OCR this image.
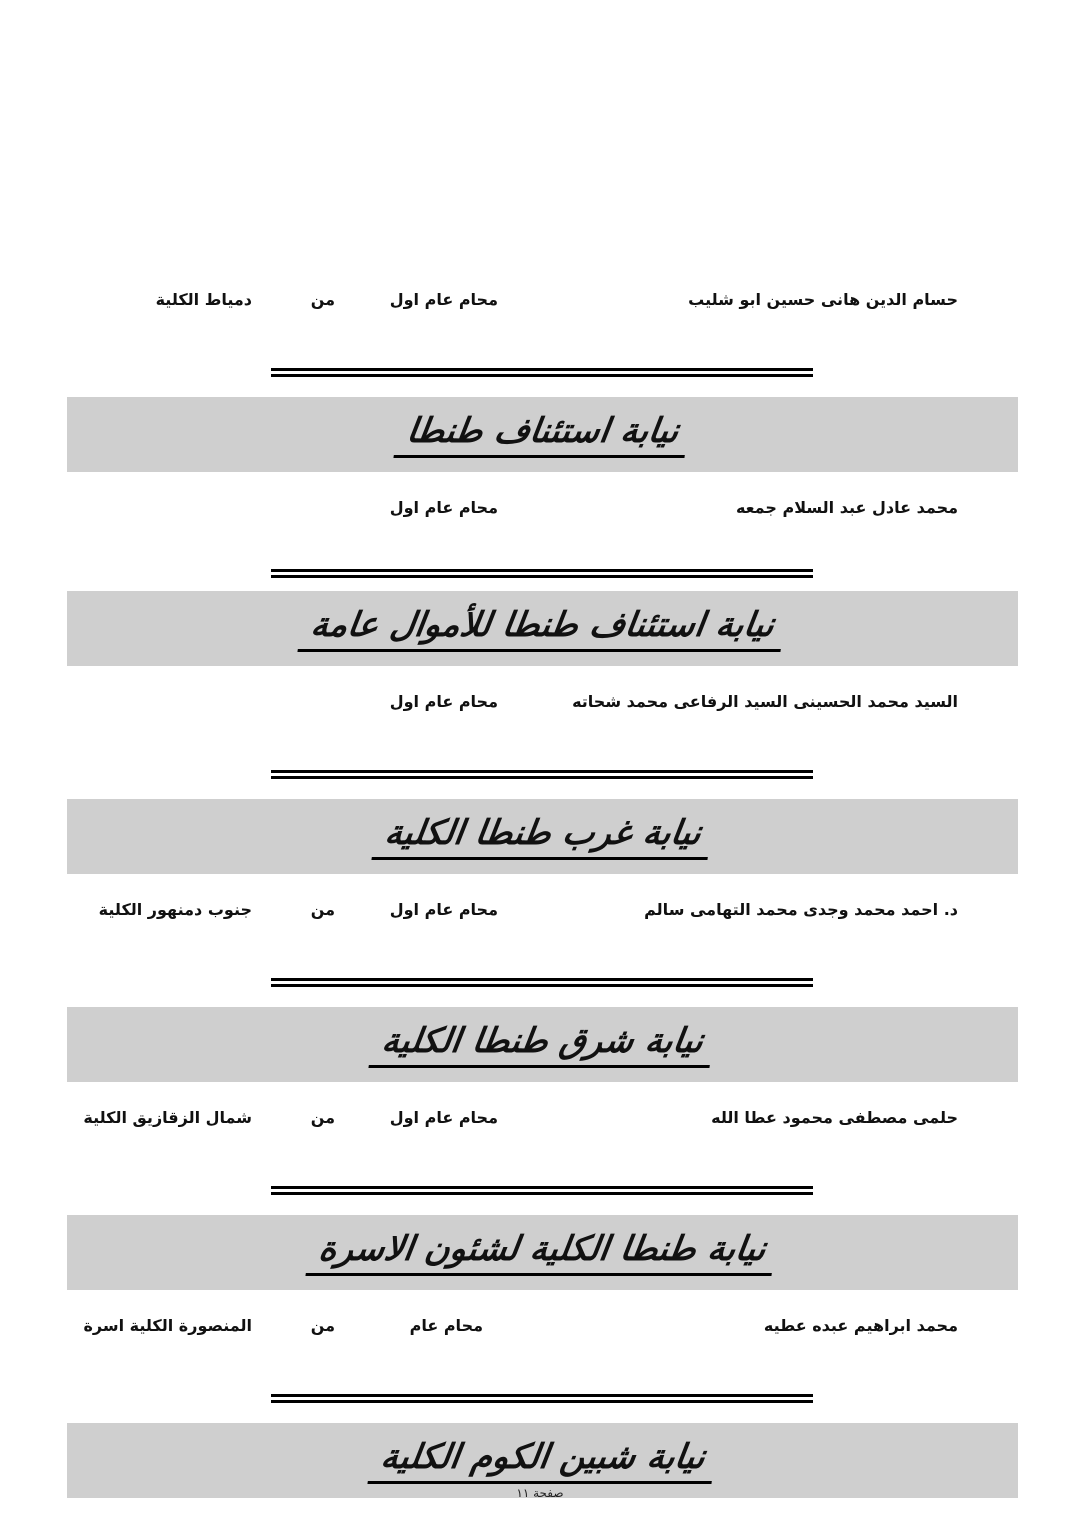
حسام الدين هانى حسين ابو شليب
محام عام اول
من
دمياط الكلية
نيابة استئناف طنطا
محمد عادل عبد السلام جمعه
محام عام اول
نيابة استئناف طنطا للأموال عامة
السيد محمد الحسينى السيد الرفاعى محمد شحاته
محام عام اول
نيابة غرب طنطا الكلية
د. احمد محمد وجدى محمد التهامى سالم
محام عام اول
من
جنوب دمنهور الكلية
نيابة شرق طنطا الكلية
حلمى مصطفى محمود عطا الله
محام عام اول
من
شمال الزقازيق الكلية
نيابة طنطا الكلية لشئون الاسرة
محمد ابراهيم عبده عطيه
محام عام
من
المنصورة الكلية اسرة
نيابة شبين الكوم الكلية
صفحة ١١
